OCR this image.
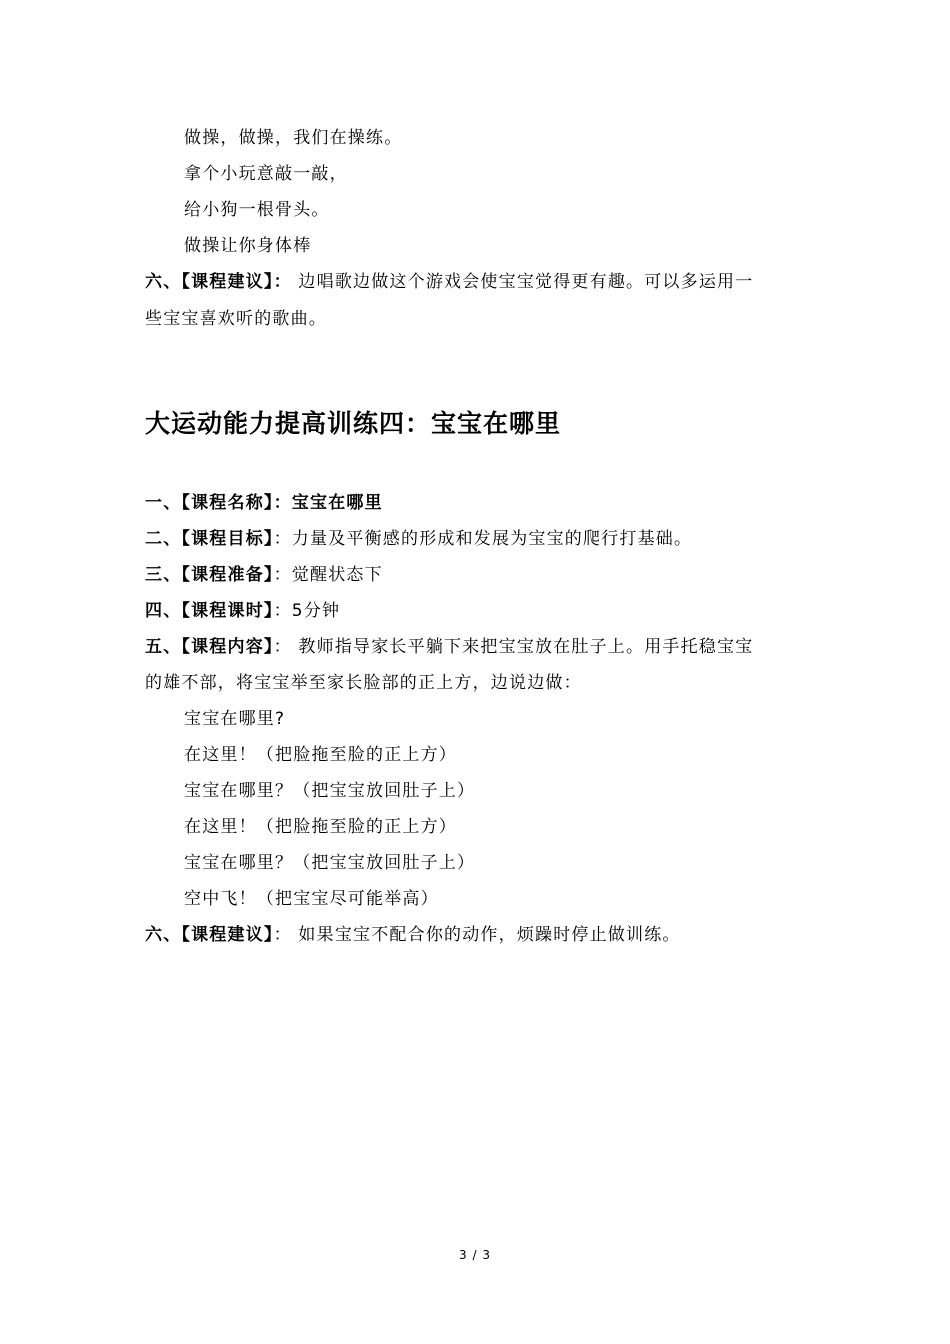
做操，做操，我们在操练。
拿个小玩意敲一敲，
给小狗一根骨头。
做操让你身体棒
六、【课程建议】： 边唱歌边做这个游戏会使宝宝觉得更有趣。可以多运用一
些宝宝喜欢听的歌曲。
大运动能力提高训练四：宝宝在哪里
一、【课程名称】：宝宝在哪里
二、【课程目标】：力量及平衡感的形成和发展为宝宝的爬行打基础。
三、【课程准备】：觉醒状态下
四、【课程课时】：5分钟
五、【课程内容】： 教师指导家长平躺下来把宝宝放在肚子上。用手托稳宝宝
的雄不部，将宝宝举至家长脸部的正上方，边说边做：
宝宝在哪里?
在这里！（把脸拖至脸的正上方）
宝宝在哪里？（把宝宝放回肚子上）
在这里！（把脸拖至脸的正上方）
宝宝在哪里？（把宝宝放回肚子上）
空中飞！（把宝宝尽可能举高）
六、【课程建议】： 如果宝宝不配合你的动作，烦躁时停止做训练。
3 / 3
